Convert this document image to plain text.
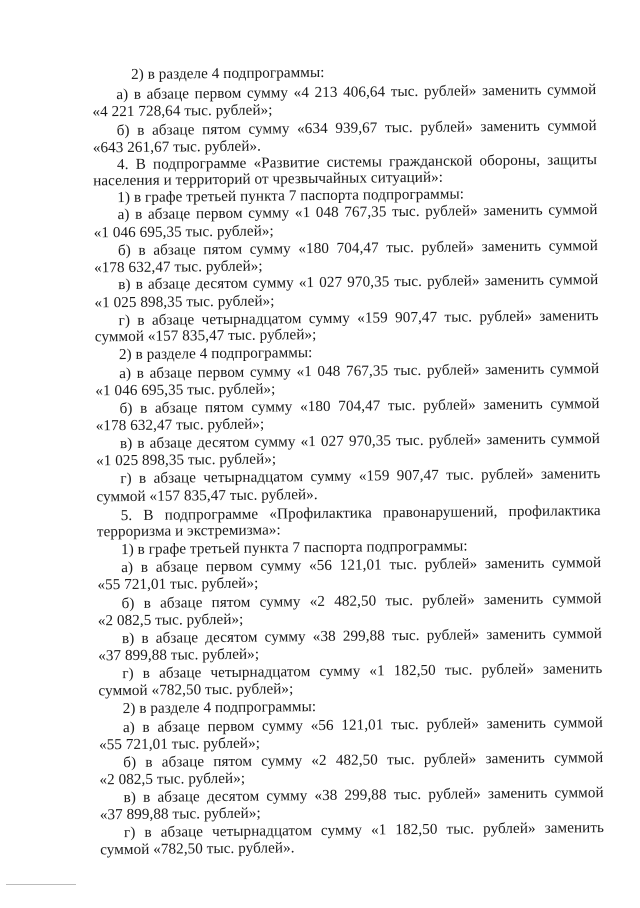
2) в разделе 4 подпрограммы:
а) в абзаце первом сумму «4 213 406,64 тыс. рублей» заменить суммой
«4 221 728,64 тыс. рублей»;
б) в абзаце пятом сумму «634 939,67 тыс. рублей» заменить суммой
«643 261,67 тыс. рублей».
4. В подпрограмме «Развитие системы гражданской обороны, защиты
населения и территорий от чрезвычайных ситуаций»:
1) в графе третьей пункта 7 паспорта подпрограммы:
а) в абзаце первом сумму «1 048 767,35 тыс. рублей» заменить суммой
«1 046 695,35 тыс. рублей»;
б) в абзаце пятом сумму «180 704,47 тыс. рублей» заменить суммой
«178 632,47 тыс. рублей»;
в) в абзаце десятом сумму «1 027 970,35 тыс. рублей» заменить суммой
«1 025 898,35 тыс. рублей»;
г) в абзаце четырнадцатом сумму «159 907,47 тыс. рублей» заменить
суммой «157 835,47 тыс. рублей»;
2) в разделе 4 подпрограммы:
а) в абзаце первом сумму «1 048 767,35 тыс. рублей» заменить суммой
«1 046 695,35 тыс. рублей»;
б) в абзаце пятом сумму «180 704,47 тыс. рублей» заменить суммой
«178 632,47 тыс. рублей»;
в) в абзаце десятом сумму «1 027 970,35 тыс. рублей» заменить суммой
«1 025 898,35 тыс. рублей»;
г) в абзаце четырнадцатом сумму «159 907,47 тыс. рублей» заменить
суммой «157 835,47 тыс. рублей».
5. В подпрограмме «Профилактика правонарушений, профилактика
терроризма и экстремизма»:
1) в графе третьей пункта 7 паспорта подпрограммы:
а) в абзаце первом сумму «56 121,01 тыс. рублей» заменить суммой
«55 721,01 тыс. рублей»;
б) в абзаце пятом сумму «2 482,50 тыс. рублей» заменить суммой
«2 082,5 тыс. рублей»;
в) в абзаце десятом сумму «38 299,88 тыс. рублей» заменить суммой
«37 899,88 тыс. рублей»;
г) в абзаце четырнадцатом сумму «1 182,50 тыс. рублей» заменить
суммой «782,50 тыс. рублей»;
2) в разделе 4 подпрограммы:
а) в абзаце первом сумму «56 121,01 тыс. рублей» заменить суммой
«55 721,01 тыс. рублей»;
б) в абзаце пятом сумму «2 482,50 тыс. рублей» заменить суммой
«2 082,5 тыс. рублей»;
в) в абзаце десятом сумму «38 299,88 тыс. рублей» заменить суммой
«37 899,88 тыс. рублей»;
г) в абзаце четырнадцатом сумму «1 182,50 тыс. рублей» заменить
суммой «782,50 тыс. рублей».
